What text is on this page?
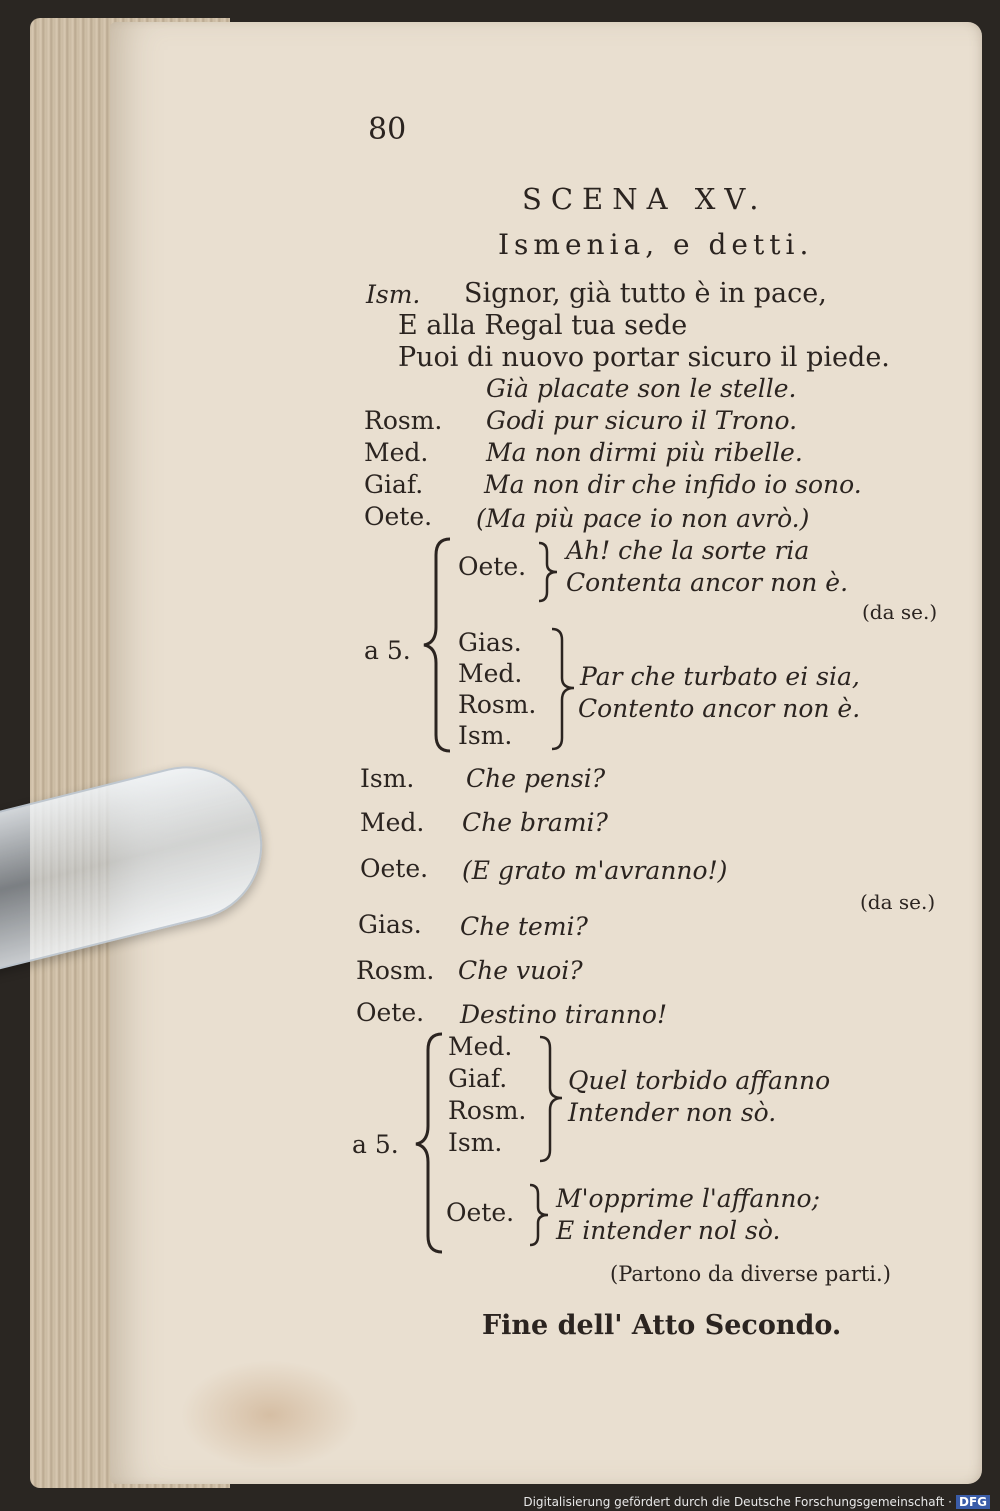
80
SCENA XV.
Ismenia, e detti.
Ism. Signor, già tutto è in pace,
E alla Regal tua sede
Puoi di nuovo portar sicuro il piede.
Già placate son le stelle.
Rosm. Godi pur sicuro il Trono.
Med. Ma non dirmi più ribelle.
Giaf. Ma non dir che infido io sono.
Oete. (Ma più pace io non avrò.)
a 5.
Oete.
Ah! che la sorte ria
Contenta ancor non è.
(da se.)
Gias.
Med.
Rosm.
Ism.
Par che turbato ei sia,
Contento ancor non è.
Ism. Che pensi?
Med. Che brami?
Oete. (E grato m'avranno!)
(da se.)
Gias. Che temi?
Rosm. Che vuoi?
Oete. Destino tiranno!
a 5.
Med.
Giaf.
Rosm.
Ism.
Quel torbido affanno
Intender non sò.
Oete. M'opprime l'affanno;
E intender nol sò.
(Partono da diverse parti.)
Fine dell' Atto Secondo.
Digitalisierung gefördert durch die Deutsche Forschungsgemeinschaft · DFG
